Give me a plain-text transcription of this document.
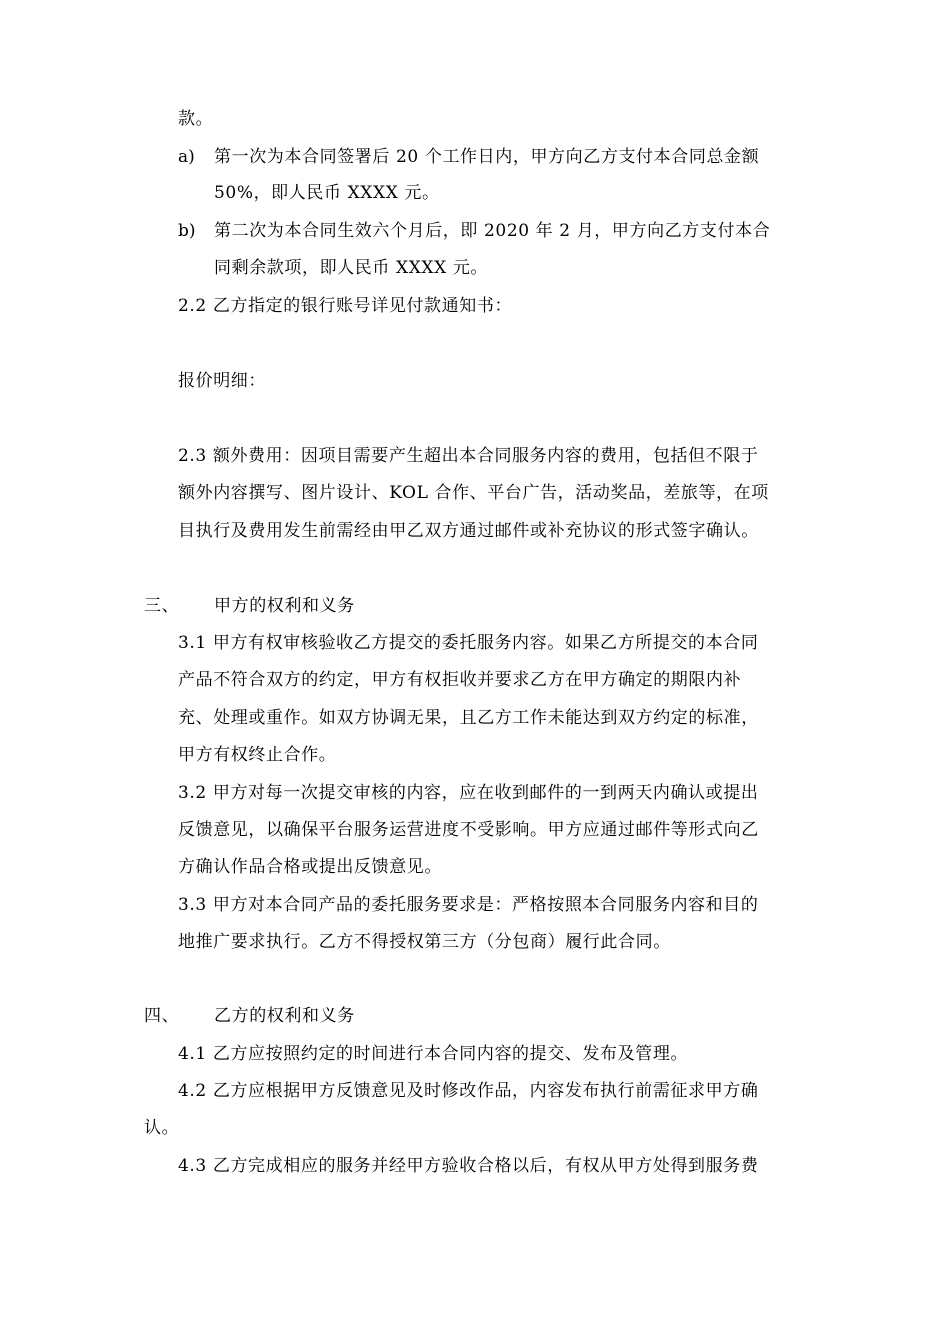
款。
a) 第一次为本合同签署后 20 个工作日内，甲方向乙方支付本合同总金额
50%，即人民币 XXXX 元。
b) 第二次为本合同生效六个月后，即 2020 年 2 月，甲方向乙方支付本合
同剩余款项，即人民币 XXXX 元。
2.2 乙方指定的银行账号详见付款通知书：
报价明细：
2.3 额外费用：因项目需要产生超出本合同服务内容的费用，包括但不限于
额外内容撰写、图片设计、KOL 合作、平台广告，活动奖品，差旅等，在项
目执行及费用发生前需经由甲乙双方通过邮件或补充协议的形式签字确认。
三、 甲方的权利和义务
3.1 甲方有权审核验收乙方提交的委托服务内容。如果乙方所提交的本合同
产品不符合双方的约定，甲方有权拒收并要求乙方在甲方确定的期限内补
充、处理或重作。如双方协调无果，且乙方工作未能达到双方约定的标准，
甲方有权终止合作。
3.2 甲方对每一次提交审核的内容，应在收到邮件的一到两天内确认或提出
反馈意见，以确保平台服务运营进度不受影响。甲方应通过邮件等形式向乙
方确认作品合格或提出反馈意见。
3.3 甲方对本合同产品的委托服务要求是：严格按照本合同服务内容和目的
地推广要求执行。乙方不得授权第三方（分包商）履行此合同。
四、 乙方的权利和义务
4.1 乙方应按照约定的时间进行本合同内容的提交、发布及管理。
4.2 乙方应根据甲方反馈意见及时修改作品，内容发布执行前需征求甲方确
认。
4.3 乙方完成相应的服务并经甲方验收合格以后，有权从甲方处得到服务费
